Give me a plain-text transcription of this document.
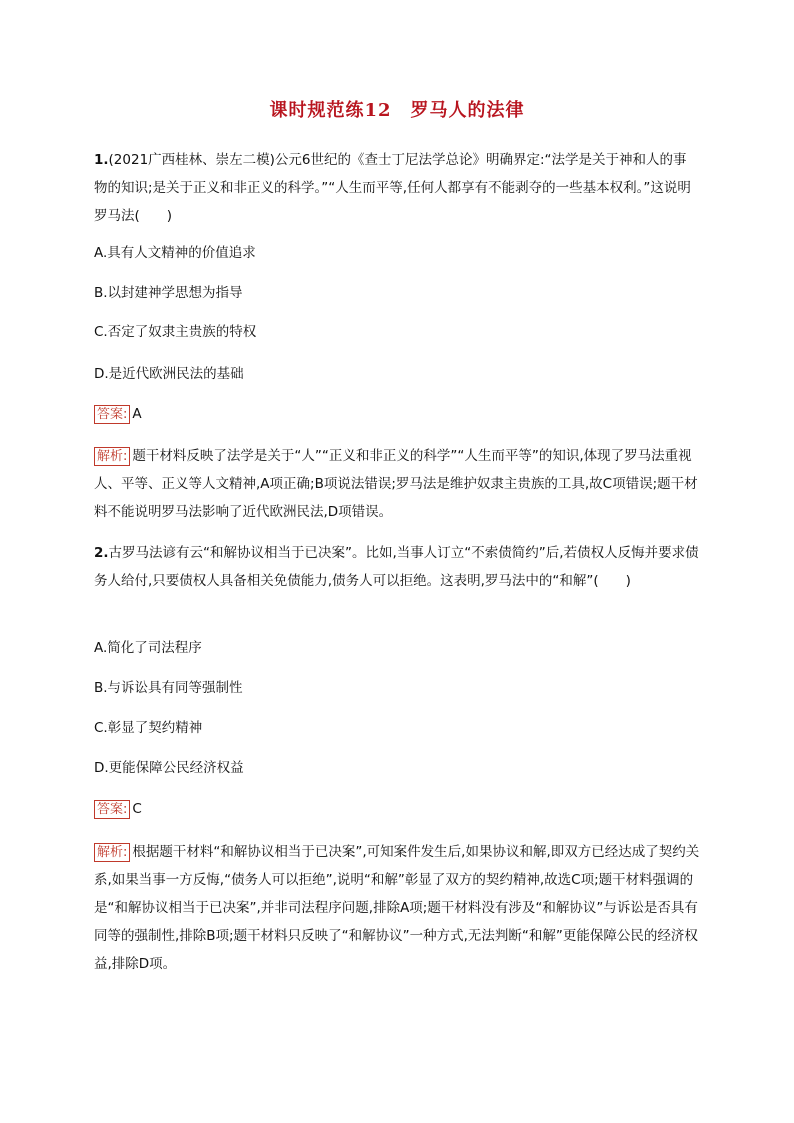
课时规范练12　罗马人的法律
1.(2021广西桂林、崇左二模)公元6世纪的《查士丁尼法学总论》明确界定:“法学是关于神和人的事物的知识;是关于正义和非正义的科学。”“人生而平等,任何人都享有不能剥夺的一些基本权利。”这说明罗马法(　　)
A.具有人文精神的价值追求
B.以封建神学思想为指导
C.否定了奴隶主贵族的特权
D.是近代欧洲民法的基础
答案: A
解析: 题干材料反映了法学是关于“人”“正义和非正义的科学”“人生而平等”的知识,体现了罗马法重视人、平等、正义等人文精神,A项正确;B项说法错误;罗马法是维护奴隶主贵族的工具,故C项错误;题干材料不能说明罗马法影响了近代欧洲民法,D项错误。
2.古罗马法谚有云“和解协议相当于已决案”。比如,当事人订立“不索债简约”后,若债权人反悔并要求债务人给付,只要债权人具备相关免债能力,债务人可以拒绝。这表明,罗马法中的“和解”(　　)
A.简化了司法程序
B.与诉讼具有同等强制性
C.彰显了契约精神
D.更能保障公民经济权益
答案: C
解析: 根据题干材料“和解协议相当于已决案”,可知案件发生后,如果协议和解,即双方已经达成了契约关系,如果当事一方反悔,“债务人可以拒绝”,说明“和解”彰显了双方的契约精神,故选C项;题干材料强调的是“和解协议相当于已决案”,并非司法程序问题,排除A项;题干材料没有涉及“和解协议”与诉讼是否具有同等的强制性,排除B项;题干材料只反映了“和解协议”一种方式,无法判断“和解”更能保障公民的经济权益,排除D项。
